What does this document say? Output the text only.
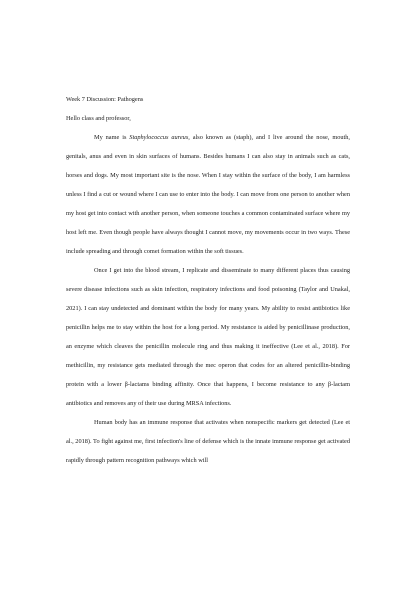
Week 7 Discussion: Pathogens

Hello class and professor,

My name is Staphylococcus aureus, also known as (staph), and I live around the nose, mouth, genitals, anus and even in skin surfaces of humans. Besides humans I can also stay in animals such as cats, horses and dogs. My most important site is the nose. When I stay within the surface of the body, I am harmless unless I find a cut or wound where I can use to enter into the body. I can move from one person to another when my host get into contact with another person, when someone touches a common contaminated surface where my host left me. Even though people have always thought I cannot move, my movements occur in two ways. These include spreading and through comet formation within the soft tissues.

Once I get into the blood stream, I replicate and disseminate to many different places thus causing severe disease infections such as skin infection, respiratory infections and food poisoning (Taylor and Unakal, 2021). I can stay undetected and dominant within the body for many years. My ability to resist antibiotics like penicillin helps me to stay within the host for a long period. My resistance is aided by penicillinase production, an enzyme which cleaves the penicillin molecule ring and thus making it ineffective (Lee et al., 2018). For methicillin, my resistance gets mediated through the mec operon that codes for an altered penicillin-binding protein with a lower β-lactams binding affinity. Once that happens, I become resistance to any β-lactam antibiotics and removes any of their use during MRSA infections.

Human body has an immune response that activates when nonspecific markers get detected (Lee et al., 2018). To fight against me, first infection's line of defense which is the innate immune response get activated rapidly through pattern recognition pathways which will
